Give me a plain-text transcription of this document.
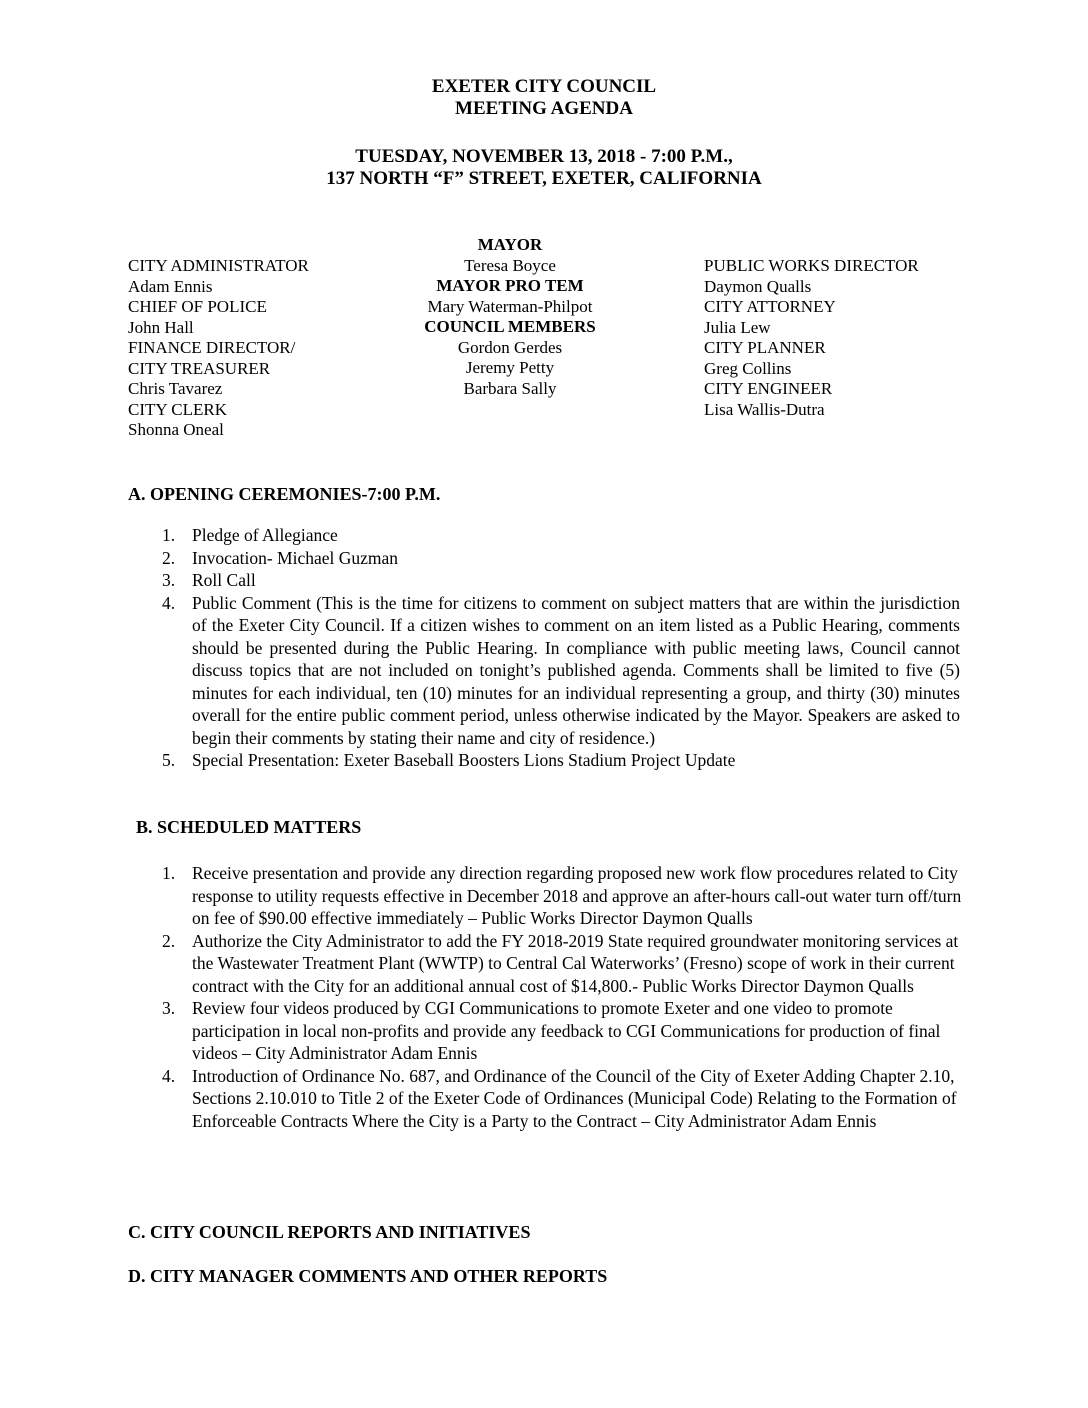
EXETER CITY COUNCIL
MEETING AGENDA
TUESDAY, NOVEMBER 13, 2018 - 7:00 P.M.,
137 NORTH “F” STREET, EXETER, CALIFORNIA
CITY ADMINISTRATOR
Adam Ennis
CHIEF OF POLICE
John Hall
FINANCE DIRECTOR/
CITY TREASURER
Chris Tavarez
CITY CLERK
Shonna Oneal
MAYOR
Teresa Boyce
MAYOR PRO TEM
Mary Waterman-Philpot
COUNCIL MEMBERS
Gordon Gerdes
Jeremy Petty
Barbara Sally
PUBLIC WORKS DIRECTOR
Daymon Qualls
CITY ATTORNEY
Julia Lew
CITY PLANNER
Greg Collins
CITY ENGINEER
Lisa Wallis-Dutra
A. OPENING CEREMONIES-7:00 P.M.
1. Pledge of Allegiance
2. Invocation- Michael Guzman
3. Roll Call
4. Public Comment (This is the time for citizens to comment on subject matters that are within the jurisdiction of the Exeter City Council. If a citizen wishes to comment on an item listed as a Public Hearing, comments should be presented during the Public Hearing. In compliance with public meeting laws, Council cannot discuss topics that are not included on tonight’s published agenda. Comments shall be limited to five (5) minutes for each individual, ten (10) minutes for an individual representing a group, and thirty (30) minutes overall for the entire public comment period, unless otherwise indicated by the Mayor. Speakers are asked to begin their comments by stating their name and city of residence.)
5. Special Presentation: Exeter Baseball Boosters Lions Stadium Project Update
B. SCHEDULED MATTERS
1. Receive presentation and provide any direction regarding proposed new work flow procedures related to City response to utility requests effective in December 2018 and approve an after-hours call-out water turn off/turn on fee of $90.00 effective immediately – Public Works Director Daymon Qualls
2. Authorize the City Administrator to add the FY 2018-2019 State required groundwater monitoring services at the Wastewater Treatment Plant (WWTP) to Central Cal Waterworks’ (Fresno) scope of work in their current contract with the City for an additional annual cost of $14,800.- Public Works Director Daymon Qualls
3. Review four videos produced by CGI Communications to promote Exeter and one video to promote participation in local non-profits and provide any feedback to CGI Communications for production of final videos – City Administrator Adam Ennis
4. Introduction of Ordinance No. 687, and Ordinance of the Council of the City of Exeter Adding Chapter 2.10, Sections 2.10.010 to Title 2 of the Exeter Code of Ordinances (Municipal Code) Relating to the Formation of Enforceable Contracts Where the City is a Party to the Contract – City Administrator Adam Ennis
C. CITY COUNCIL REPORTS AND INITIATIVES
D. CITY MANAGER COMMENTS AND OTHER REPORTS
